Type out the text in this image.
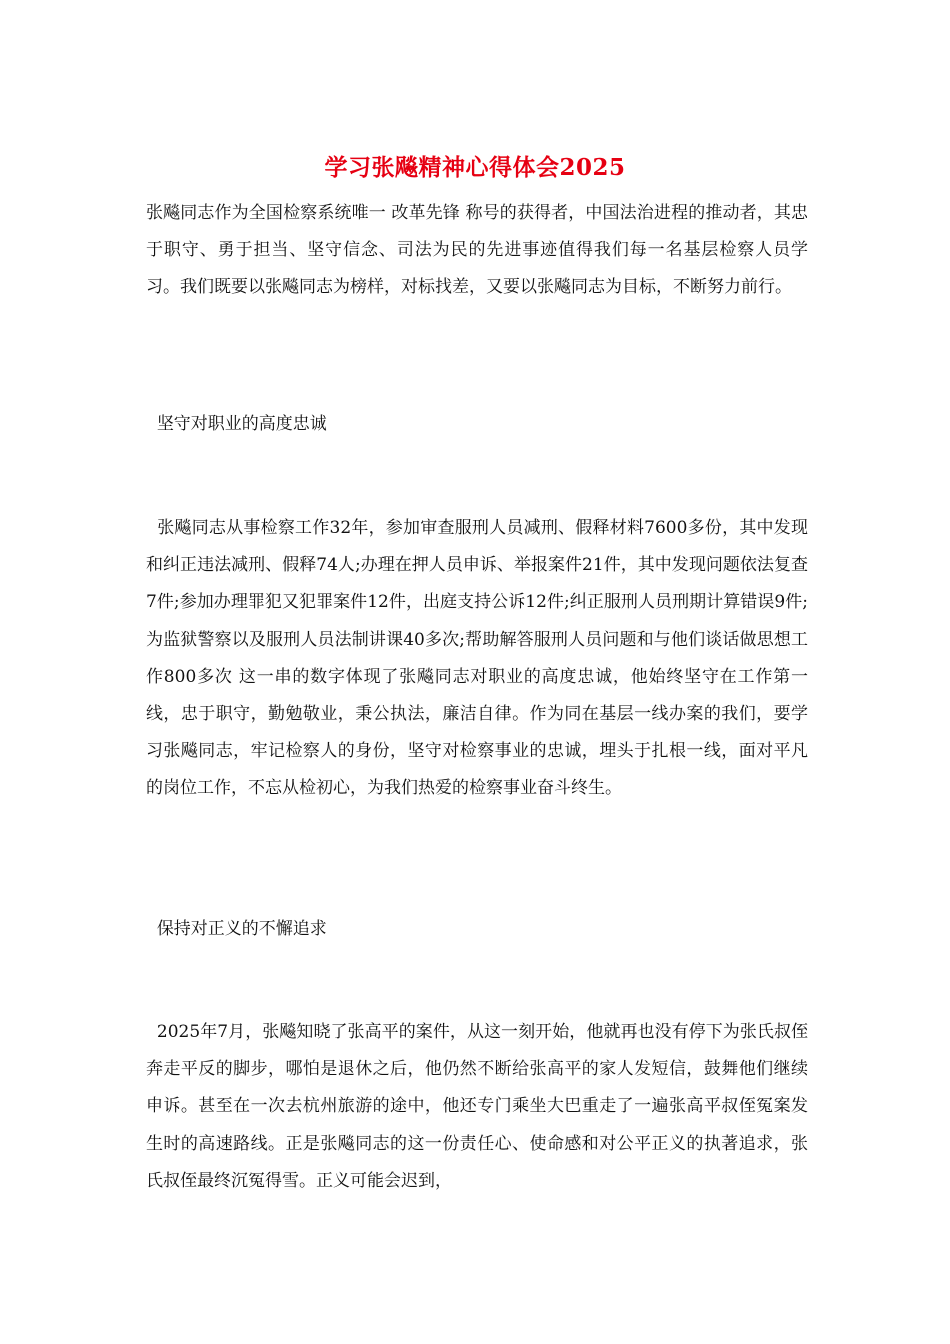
学习张飚精神心得体会2025

张飚同志作为全国检察系统唯一 改革先锋 称号的获得者，中国法治进程的推动者，其忠于职守、勇于担当、坚守信念、司法为民的先进事迹值得我们每一名基层检察人员学习。我们既要以张飚同志为榜样，对标找差，又要以张飚同志为目标，不断努力前行。

坚守对职业的高度忠诚

张飚同志从事检察工作32年，参加审查服刑人员减刑、假释材料7600多份，其中发现和纠正违法减刑、假释74人;办理在押人员申诉、举报案件21件，其中发现问题依法复查7件;参加办理罪犯又犯罪案件12件，出庭支持公诉12件;纠正服刑人员刑期计算错误9件;为监狱警察以及服刑人员法制讲课40多次;帮助解答服刑人员问题和与他们谈话做思想工作800多次 这一串的数字体现了张飚同志对职业的高度忠诚，他始终坚守在工作第一线，忠于职守，勤勉敬业，秉公执法，廉洁自律。作为同在基层一线办案的我们，要学习张飚同志，牢记检察人的身份，坚守对检察事业的忠诚，埋头于扎根一线，面对平凡的岗位工作，不忘从检初心，为我们热爱的检察事业奋斗终生。

保持对正义的不懈追求

2025年7月，张飚知晓了张高平的案件，从这一刻开始，他就再也没有停下为张氏叔侄奔走平反的脚步，哪怕是退休之后，他仍然不断给张高平的家人发短信，鼓舞他们继续申诉。甚至在一次去杭州旅游的途中，他还专门乘坐大巴重走了一遍张高平叔侄冤案发生时的高速路线。正是张飚同志的这一份责任心、使命感和对公平正义的执著追求，张氏叔侄最终沉冤得雪。正义可能会迟到，
